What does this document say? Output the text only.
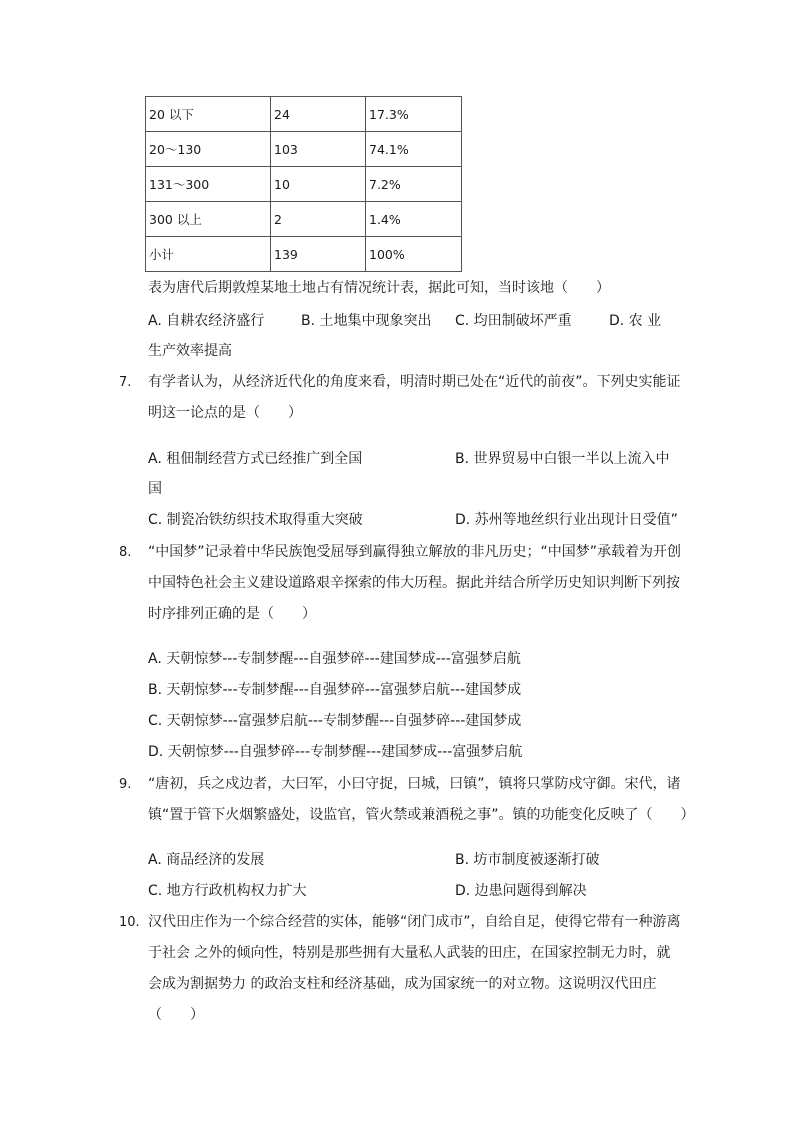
20 以下	24	17.3%
20～130	103	74.1%
131～300	10	7.2%
300 以上	2	1.4%
小计	139	100%
表为唐代后期敦煌某地土地占有情况统计表，据此可知，当时该地（　　）
A. 自耕农经济盛行	B. 土地集中现象突出 C. 均田制破坏严重	D. 农 业
生产效率提高
7. 有学者认为，从经济近代化的角度来看，明清时期已处在“近代的前夜”。下列史实能证
明这一论点的是（　　）
A. 租佃制经营方式已经推广到全国	B. 世界贸易中白银一半以上流入中
国
C. 制瓷冶铁纺织技术取得重大突破	D. 苏州等地丝织行业出现计日受值”
8. “中国梦”记录着中华民族饱受屈辱到赢得独立解放的非凡历史；“中国梦”承载着为开创
中国特色社会主义建设道路艰辛探索的伟大历程。据此并结合所学历史知识判断下列按
时序排列正确的是（　　）
A. 天朝惊梦---专制梦醒---自强梦碎---建国梦成---富强梦启航
B. 天朝惊梦---专制梦醒---自强梦碎---富强梦启航---建国梦成
C. 天朝惊梦---富强梦启航---专制梦醒---自强梦碎---建国梦成
D. 天朝惊梦---自强梦碎---专制梦醒---建国梦成---富强梦启航
9. “唐初，兵之戍边者，大曰军，小曰守捉，曰城，曰镇”，镇将只掌防戍守御。宋代，诸
镇“置于管下火烟繁盛处，设监官，管火禁或兼酒税之事”。镇的功能变化反映了（　　）
A. 商品经济的发展	B. 坊市制度被逐渐打破
C. 地方行政机构权力扩大	D. 边患问题得到解决
10. 汉代田庄作为一个综合经营的实体，能够“闭门成市”，自给自足，使得它带有一种游离
于社会 之外的倾向性，特别是那些拥有大量私人武装的田庄，在国家控制无力时，就
会成为割据势力 的政治支柱和经济基础，成为国家统一的对立物。这说明汉代田庄
（　　）
